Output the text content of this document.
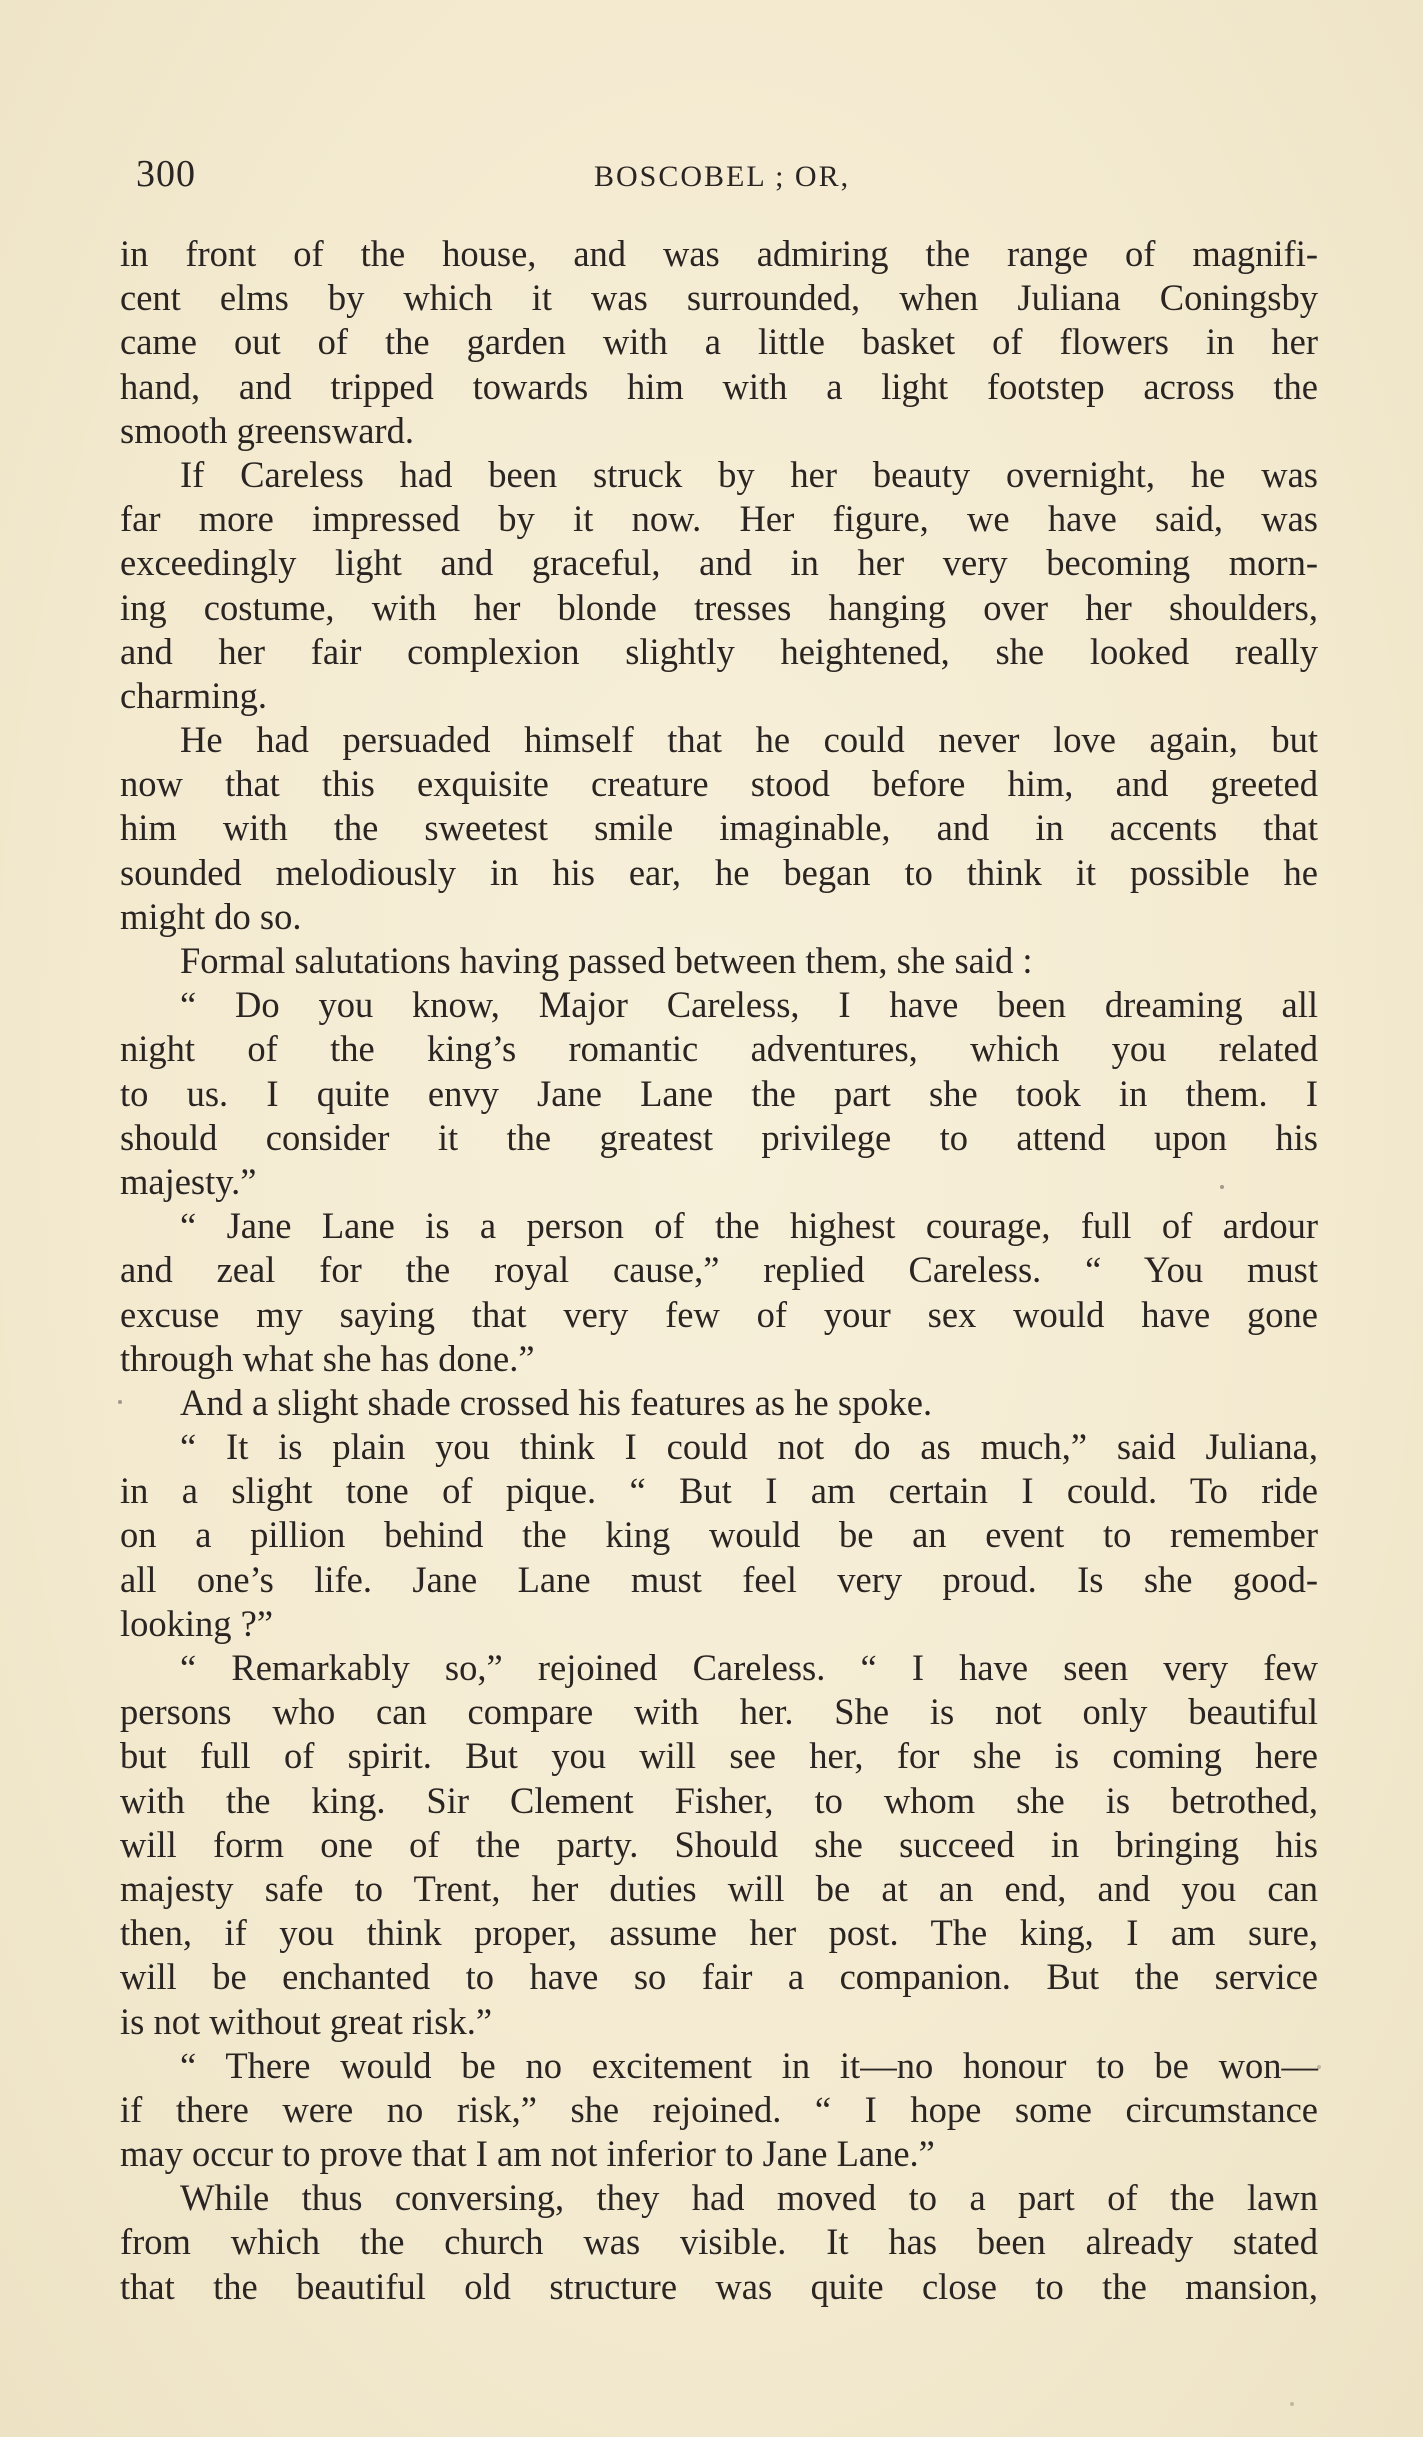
300	BOSCOBEL ; OR,
in front of the house, and was admiring the range of magnifi-
cent elms by which it was surrounded, when Juliana Coningsby
came out of the garden with a little basket of flowers in her
hand, and tripped towards him with a light footstep across the
smooth greensward.
If Careless had been struck by her beauty overnight, he was
far more impressed by it now. Her figure, we have said, was
exceedingly light and graceful, and in her very becoming morn-
ing costume, with her blonde tresses hanging over her shoulders,
and her fair complexion slightly heightened, she looked really
charming.
He had persuaded himself that he could never love again, but
now that this exquisite creature stood before him, and greeted
him with the sweetest smile imaginable, and in accents that
sounded melodiously in his ear, he began to think it possible he
might do so.
Formal salutations having passed between them, she said :
“ Do you know, Major Careless, I have been dreaming all
night of the king’s romantic adventures, which you related
to us. I quite envy Jane Lane the part she took in them. I
should consider it the greatest privilege to attend upon his
majesty.”
“ Jane Lane is a person of the highest courage, full of ardour
and zeal for the royal cause,” replied Careless. “ You must
excuse my saying that very few of your sex would have gone
through what she has done.”
And a slight shade crossed his features as he spoke.
“ It is plain you think I could not do as much,” said Juliana,
in a slight tone of pique. “ But I am certain I could. To ride
on a pillion behind the king would be an event to remember
all one’s life. Jane Lane must feel very proud. Is she good-
looking ?”
“ Remarkably so,” rejoined Careless. “ I have seen very few
persons who can compare with her. She is not only beautiful
but full of spirit. But you will see her, for she is coming here
with the king. Sir Clement Fisher, to whom she is betrothed,
will form one of the party. Should she succeed in bringing his
majesty safe to Trent, her duties will be at an end, and you can
then, if you think proper, assume her post. The king, I am sure,
will be enchanted to have so fair a companion. But the service
is not without great risk.”
“ There would be no excitement in it—no honour to be won—
if there were no risk,” she rejoined. “ I hope some circumstance
may occur to prove that I am not inferior to Jane Lane.”
While thus conversing, they had moved to a part of the lawn
from which the church was visible. It has been already stated
that the beautiful old structure was quite close to the mansion,
